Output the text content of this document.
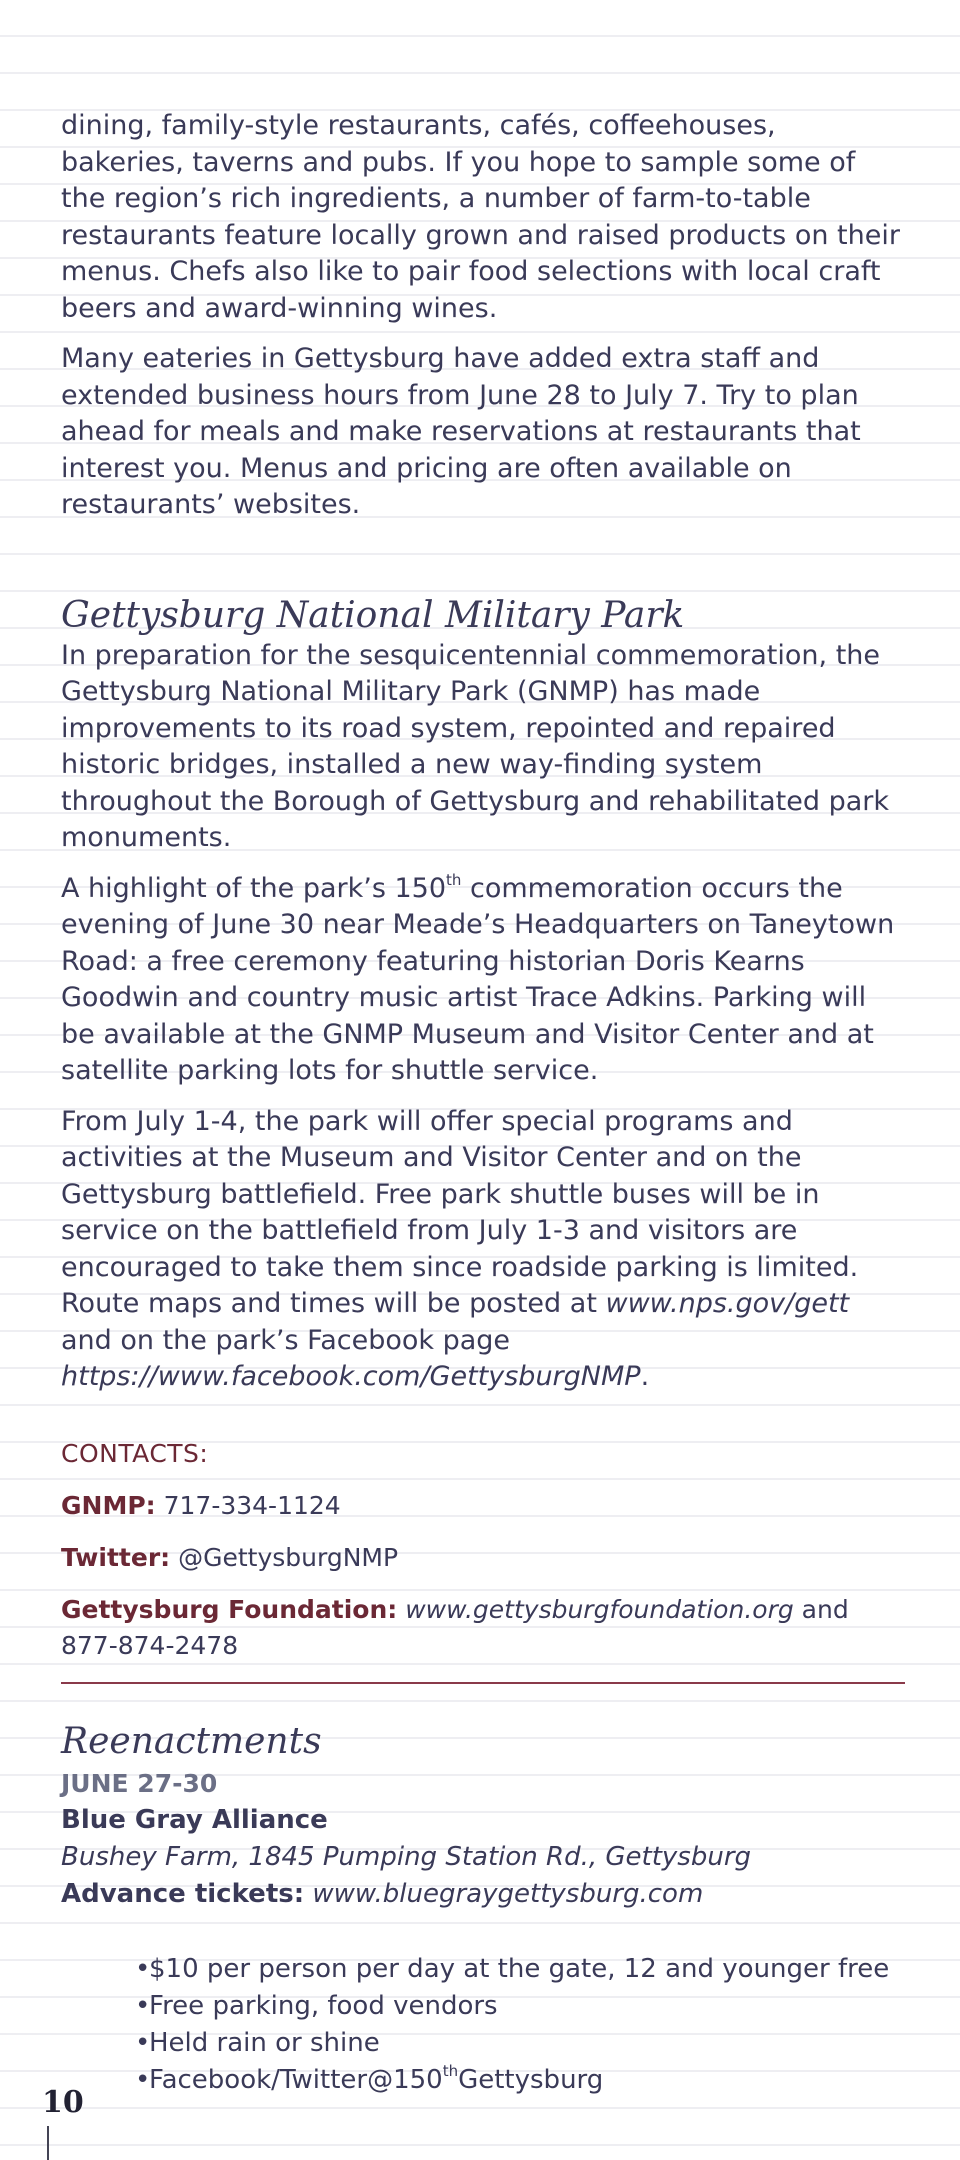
dining, family-style restaurants, cafés, coffeehouses, bakeries, taverns and pubs. If you hope to sample some of the region’s rich ingredients, a number of farm-to-table restaurants feature locally grown and raised products on their menus. Chefs also like to pair food selections with local craft beers and award-winning wines.

Many eateries in Gettysburg have added extra staff and extended business hours from June 28 to July 7. Try to plan ahead for meals and make reservations at restaurants that interest you. Menus and pricing are often available on restaurants’ websites.

Gettysburg National Military Park

In preparation for the sesquicentennial commemoration, the Gettysburg National Military Park (GNMP) has made improvements to its road system, repointed and repaired historic bridges, installed a new way-finding system throughout the Borough of Gettysburg and rehabilitated park monuments.

A highlight of the park’s 150th commemoration occurs the evening of June 30 near Meade’s Headquarters on Taneytown Road: a free ceremony featuring historian Doris Kearns Goodwin and country music artist Trace Adkins. Parking will be available at the GNMP Museum and Visitor Center and at satellite parking lots for shuttle service.

From July 1-4, the park will offer special programs and activities at the Museum and Visitor Center and on the Gettysburg battlefield. Free park shuttle buses will be in service on the battlefield from July 1-3 and visitors are encouraged to take them since roadside parking is limited. Route maps and times will be posted at www.nps.gov/gett and on the park’s Facebook page https://www.facebook.com/GettysburgNMP.

CONTACTS:
GNMP: 717-334-1124
Twitter: @GettysburgNMP
Gettysburg Foundation: www.gettysburgfoundation.org and 877-874-2478
Reenactments
JUNE 27-30
Blue Gray Alliance
Bushey Farm, 1845 Pumping Station Rd., Gettysburg
Advance tickets: www.bluegraygettysburg.com
• $10 per person per day at the gate, 12 and younger free
• Free parking, food vendors
• Held rain or shine
• Facebook/Twitter@150thGettysburg
10
